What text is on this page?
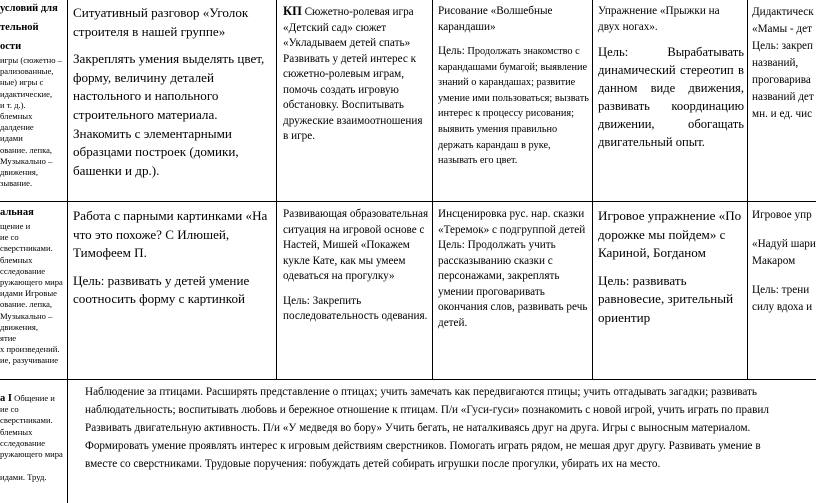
условий для

тельной

ости

игры (сюжетно –

рализованные,

ные) игры с

идактические,

и т. д.).

блемных

далдение

идами

ование. лепка,

Музыкально –

движения,

зывание.

альная

щение и

ие со

сверстниками.

блемных

сследование

ружающего мира

идами Игровые

ование. лепка,

Музыкально –

движения,

ятие

х произведений.

ие, разучивание

а I Общение и

ие со

сверстниками.

блемных

сследование

ружающего мира

идами. Труд.

Ситуативный разговор «Уголок строителя в нашей группе»

Закреплять умения выделять цвет, форму, величину деталей настольного и напольного строительного материала.

Знакомить с элементарными образцами построек (домики, башенки и др.).

КП Сюжетно-ролевая игра «Детский сад» сюжет «Укладываем детей спать» Развивать у детей интерес к сюжетно-ролевым играм, помочь создать игровую обстановку. Воспитывать дружеские взаимоотношения в игре.

Рисование «Волшебные карандаши»

Цель: Продолжать знакомство с карандашами бумагой; выявление знаний о карандашах; развитие умение ими пользоваться; вызвать интерес к процессу рисования; выявить умения правильно держать карандаш в руке, называть его цвет.

Упражнение «Прыжки на двух ногах».

Цель: Вырабатывать динамический стереотип в данном виде движения, развивать координацию движении, обогащать двигательный опыт.

Дидактическ

«Мамы - дет

Цель: закреп

названий,

проговарива

названий дет

мн. и ед. чис

Работа с парными картинками «На что это похоже? С Илюшей, Тимофеем П.

Цель: развивать у детей умение соотносить форму с картинкой

Развивающая образовательная ситуация на игровой основе с Настей, Мишей «Покажем кукле Катe, как мы умеем одеваться на прогулку»

Цель: Закрепить последовательность одевания.

Инсценировка рус. нар. сказки «Теремок» с подгруппой детей Цель: Продолжать учить рассказыванию сказки с персонажами, закреплять умении проговаривать окончания слов, развивать речь детей.

Игровое упражнение «По дорожке мы пойдем» с Кариной, Богданом

Цель: развивать равновесие, зрительный ориентир

Игровое упр

«Надуй шари

Макаром

Цель: трени

силу вдоха и

Наблюдение за птицами. Расширять представление о птицах; учить замечать как передвигаются птицы; учить отгадывать загадки; развивать

наблюдательность; воспитывать любовь и бережное отношение к птицам. П/и «Гуси-гуси» познакомить с новой игрой, учить играть по правил

Развивать двигательную активность. П/и «У медведя во бору» Учить бегать, не наталкиваясь друг на друга. Игры с выносным материалом.

Формировать умение проявлять интерес к игровым действиям сверстников. Помогать играть рядом, не мешая друг другу. Развивать умение в

вместе со сверстниками. Трудовые поручения: побуждать детей собирать игрушки после прогулки, убирать их на место.
